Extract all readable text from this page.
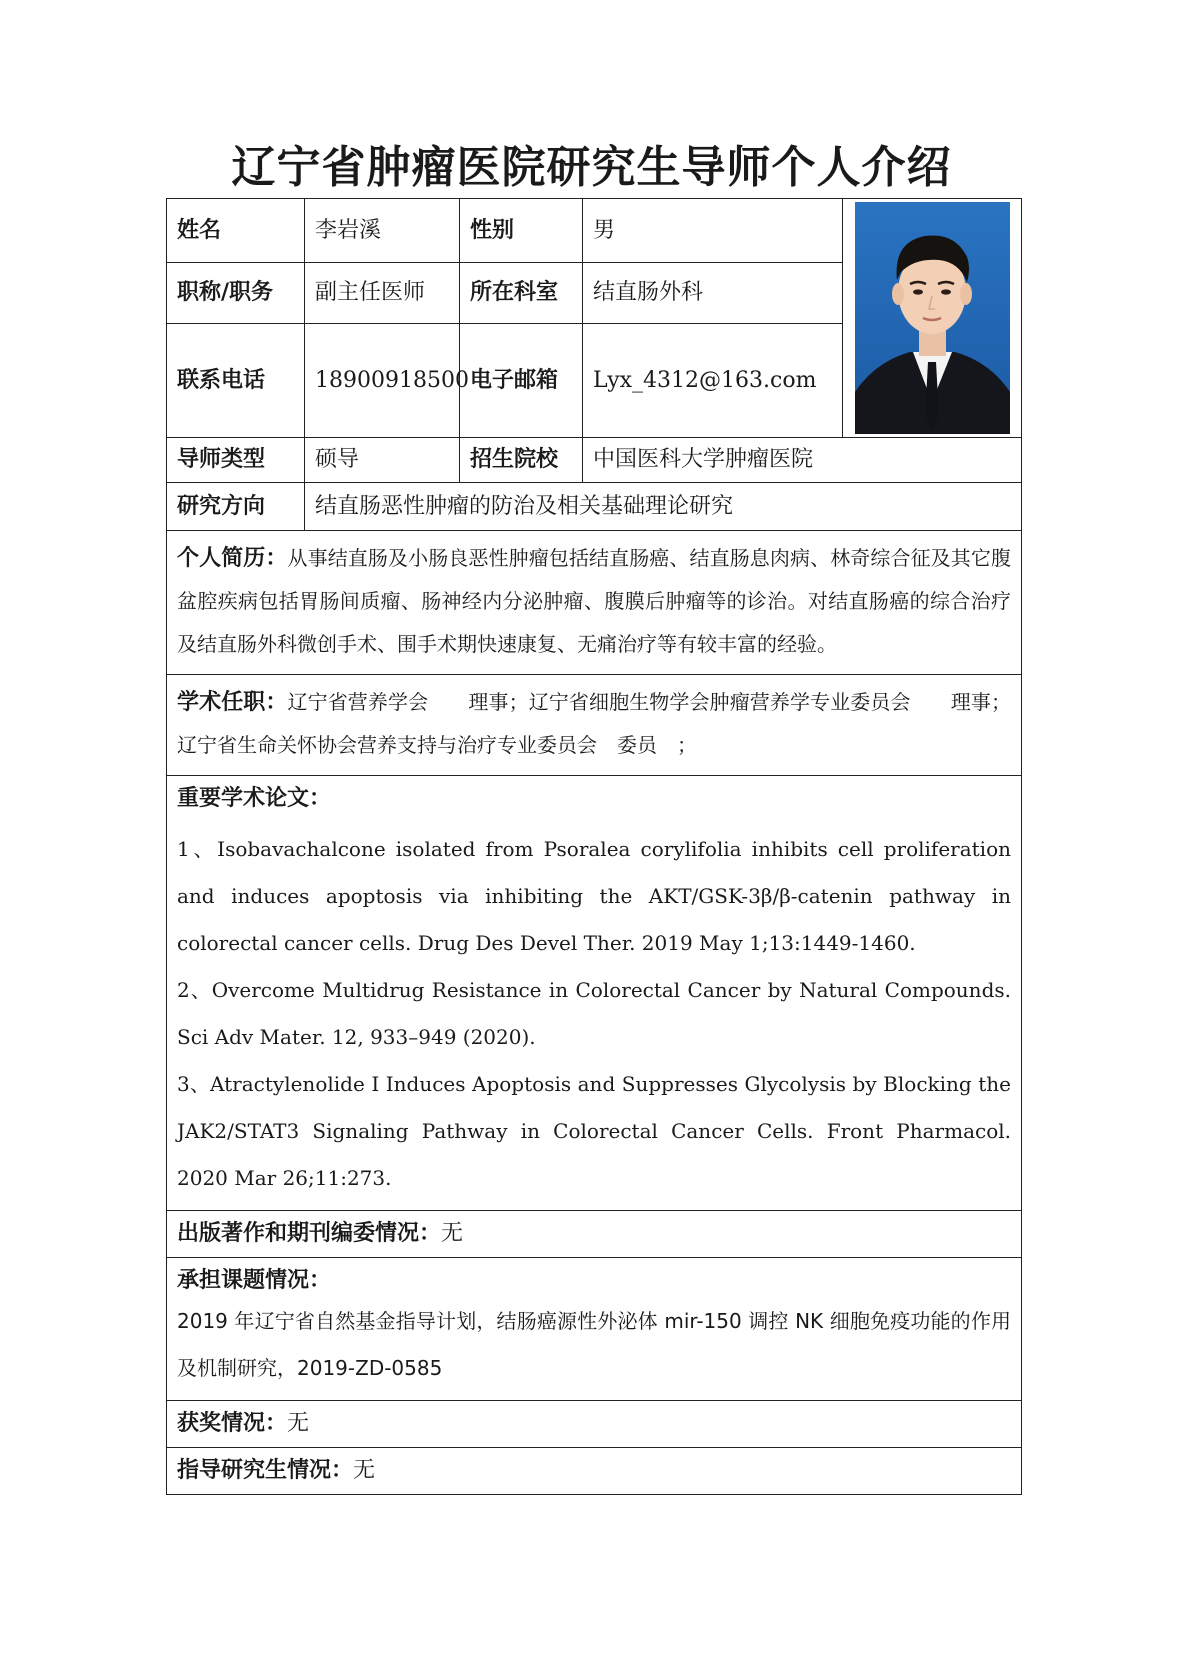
辽宁省肿瘤医院研究生导师个人介绍
姓名	李岩溪	性别	男	

职称/职务	副主任医师	所在科室	结直肠外科	
联系电话	18900918500	电子邮箱	Lyx_4312@163.com	
导师类型	硕导	招生院校	中国医科大学肿瘤医院	
研究方向	结直肠恶性肿瘤的防治及相关基础理论研究			

个人简历：从事结直肠及小肠良恶性肿瘤包括结直肠癌、结直肠息肉病、林奇综合征及其它腹盆腔疾病包括胃肠间质瘤、肠神经内分泌肿瘤、腹膜后肿瘤等的诊治。对结直肠癌的综合治疗及结直肠外科微创手术、围手术期快速康复、无痛治疗等有较丰富的经验。				

学术任职：辽宁省营养学会　　理事；辽宁省细胞生物学会肿瘤营养学专业委员会　　理事；辽宁省生命关怀协会营养支持与治疗专业委员会　委员　；				

重要学术论文：

1、Isobavachalcone isolated from Psoralea corylifolia inhibits cell proliferation and induces apoptosis via inhibiting the AKT/GSK-3β/β-catenin pathway in colorectal cancer cells. Drug Des Devel Ther. 2019 May 1;13:1449-1460.

2、Overcome Multidrug Resistance in Colorectal Cancer by Natural Compounds. Sci Adv Mater. 12, 933–949 (2020).

3、Atractylenolide I Induces Apoptosis and Suppresses Glycolysis by Blocking the JAK2/STAT3 Signaling Pathway in Colorectal Cancer Cells. Front Pharmacol. 2020 Mar 26;11:273.				

出版著作和期刊编委情况：无				

承担课题情况：

2019 年辽宁省自然基金指导计划，结肠癌源性外泌体 mir-150 调控 NK 细胞免疫功能的作用及机制研究，2019-ZD-0585				

获奖情况：无				
指导研究生情况：无				
